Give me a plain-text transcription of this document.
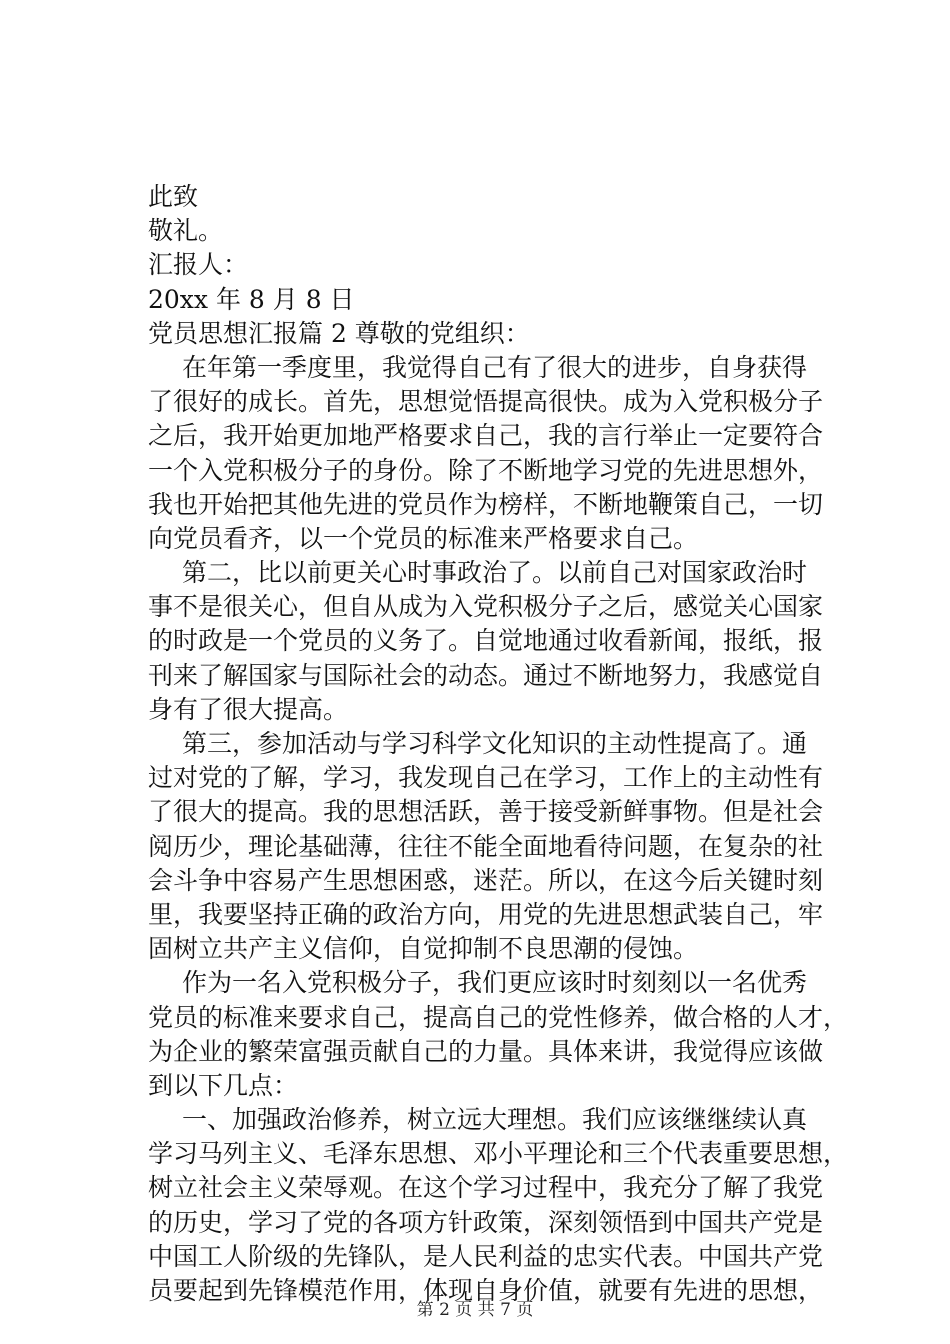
此致
敬礼。
汇报人：
20xx 年 8 月 8 日
党员思想汇报篇 2 尊敬的党组织：
在年第一季度里，我觉得自己有了很大的进步，自身获得
了很好的成长。首先，思想觉悟提高很快。成为入党积极分子
之后，我开始更加地严格要求自己，我的言行举止一定要符合
一个入党积极分子的身份。除了不断地学习党的先进思想外，
我也开始把其他先进的党员作为榜样，不断地鞭策自己，一切
向党员看齐，以一个党员的标准来严格要求自己。
第二，比以前更关心时事政治了。以前自己对国家政治时
事不是很关心，但自从成为入党积极分子之后，感觉关心国家
的时政是一个党员的义务了。自觉地通过收看新闻，报纸，报
刊来了解国家与国际社会的动态。通过不断地努力，我感觉自
身有了很大提高。
第三，参加活动与学习科学文化知识的主动性提高了。通
过对党的了解，学习，我发现自己在学习，工作上的主动性有
了很大的提高。我的思想活跃，善于接受新鲜事物。但是社会
阅历少，理论基础薄，往往不能全面地看待问题，在复杂的社
会斗争中容易产生思想困惑，迷茫。所以，在这今后关键时刻
里，我要坚持正确的政治方向，用党的先进思想武装自己，牢
固树立共产主义信仰，自觉抑制不良思潮的侵蚀。
作为一名入党积极分子，我们更应该时时刻刻以一名优秀
党员的标准来要求自己，提高自己的党性修养，做合格的人才，
为企业的繁荣富强贡献自己的力量。具体来讲，我觉得应该做
到以下几点：
一、加强政治修养，树立远大理想。我们应该继继续认真
学习马列主义、毛泽东思想、邓小平理论和三个代表重要思想，
树立社会主义荣辱观。在这个学习过程中，我充分了解了我党
的历史，学习了党的各项方针政策，深刻领悟到中国共产党是
中国工人阶级的先锋队，是人民利益的忠实代表。中国共产党
员要起到先锋模范作用，体现自身价值，就要有先进的思想，
第 2 页 共 7 页
